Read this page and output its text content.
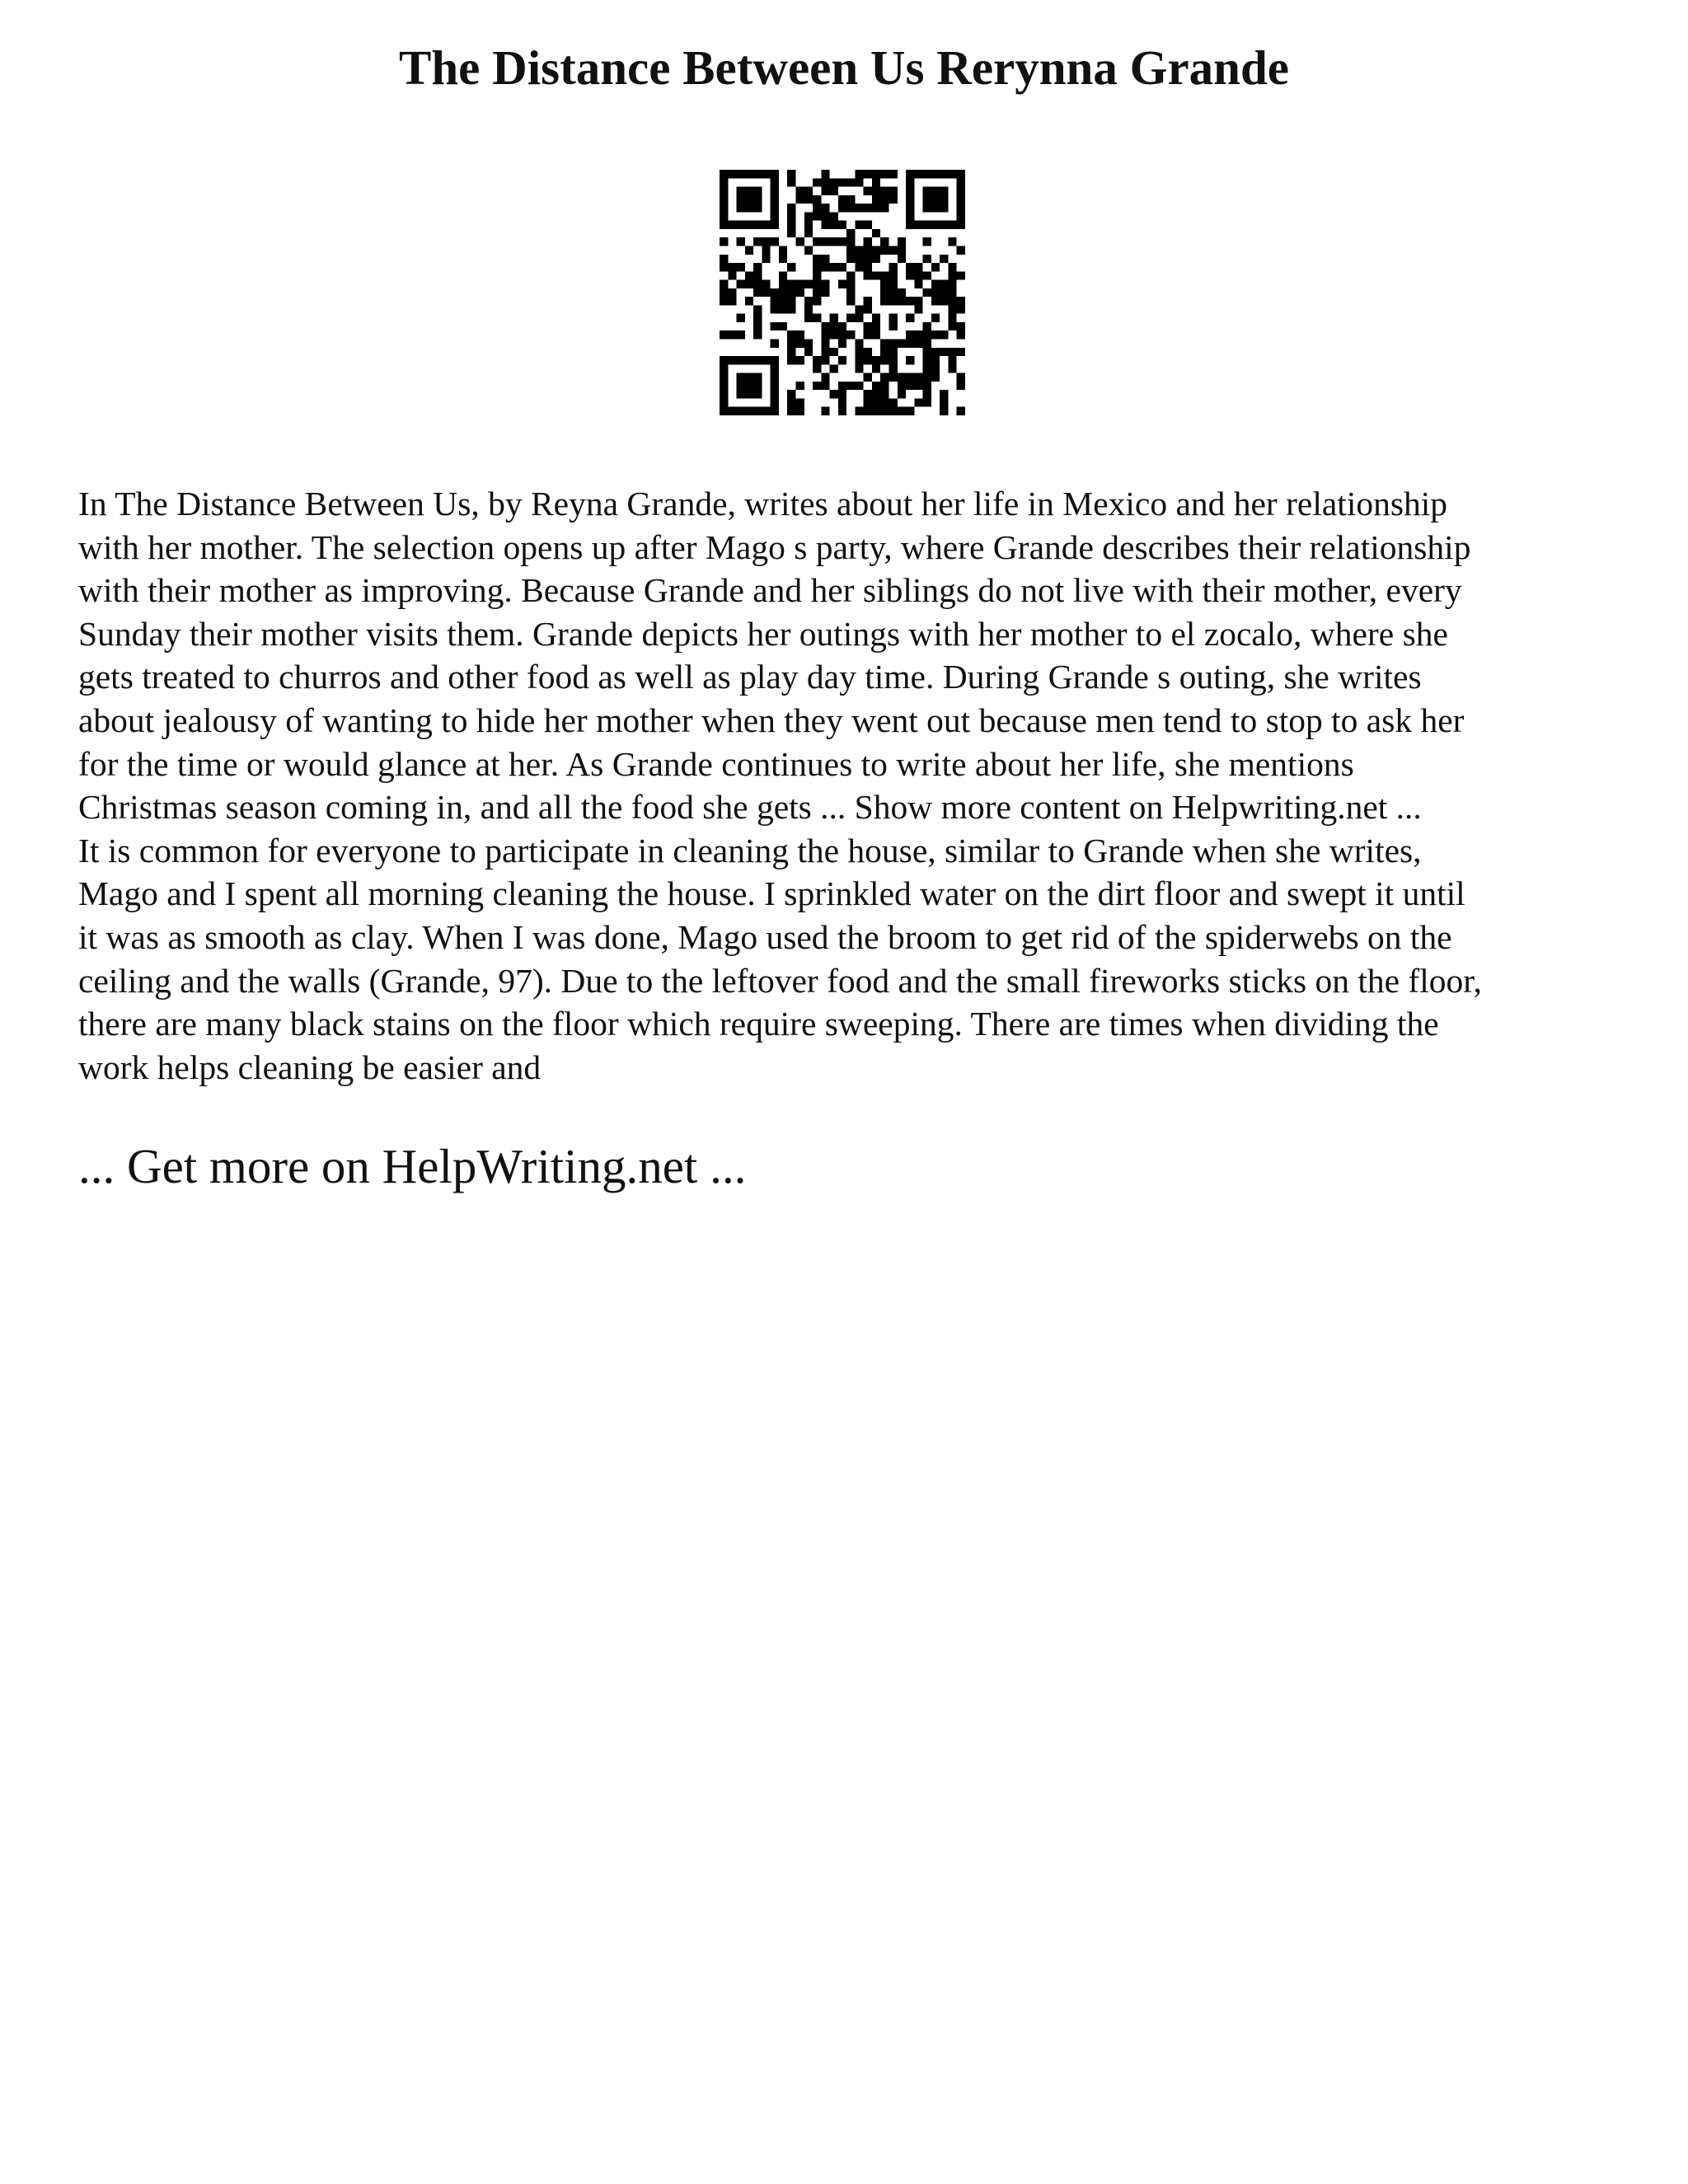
The Distance Between Us Rerynna Grande
In The Distance Between Us, by Reyna Grande, writes about her life in Mexico and her relationship
with her mother. The selection opens up after Mago s party, where Grande describes their relationship
with their mother as improving. Because Grande and her siblings do not live with their mother, every
Sunday their mother visits them. Grande depicts her outings with her mother to el zocalo, where she
gets treated to churros and other food as well as play day time. During Grande s outing, she writes
about jealousy of wanting to hide her mother when they went out because men tend to stop to ask her
for the time or would glance at her. As Grande continues to write about her life, she mentions
Christmas season coming in, and all the food she gets ... Show more content on Helpwriting.net ...
It is common for everyone to participate in cleaning the house, similar to Grande when she writes,
Mago and I spent all morning cleaning the house. I sprinkled water on the dirt floor and swept it until
it was as smooth as clay. When I was done, Mago used the broom to get rid of the spiderwebs on the
ceiling and the walls (Grande, 97). Due to the leftover food and the small fireworks sticks on the floor,
there are many black stains on the floor which require sweeping. There are times when dividing the
work helps cleaning be easier and

... Get more on HelpWriting.net ...
